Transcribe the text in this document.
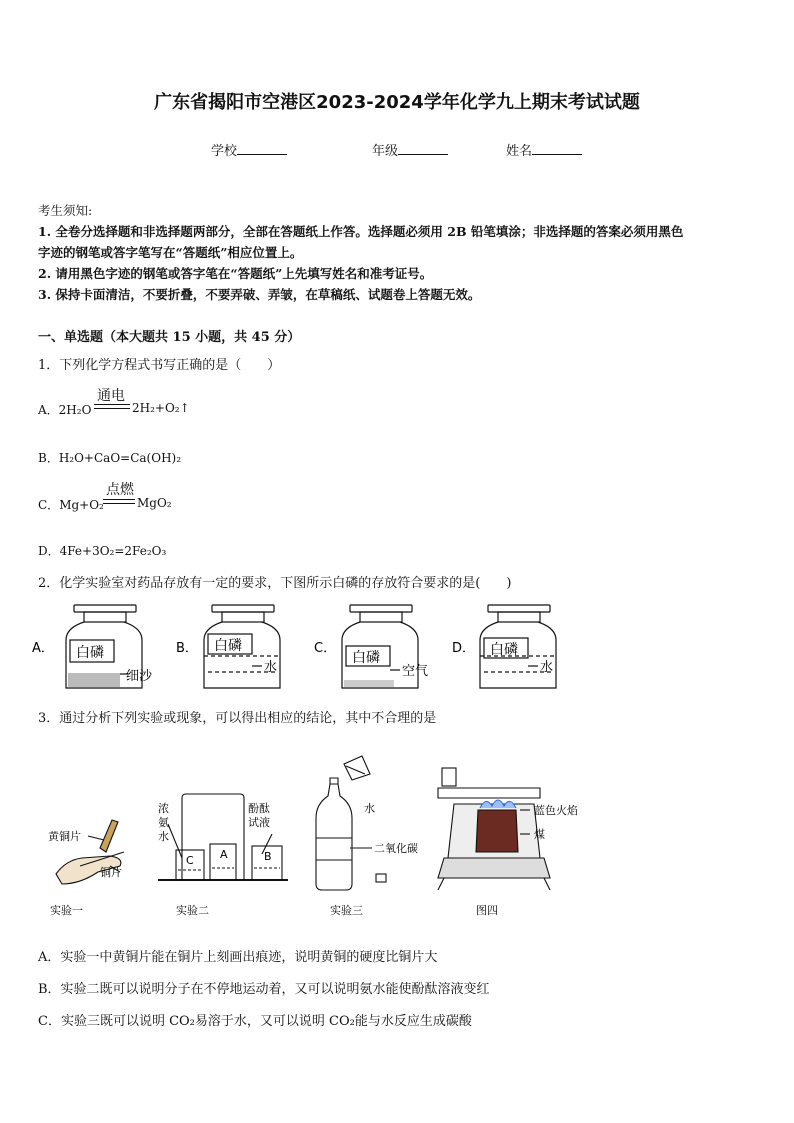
广东省揭阳市空港区2023-2024学年化学九上期末考试试题
学校	年级	姓名
考生须知:
1. 全卷分选择题和非选择题两部分，全部在答题纸上作答。选择题必须用 2B 铅笔填涂；非选择题的答案必须用黑色
字迹的钢笔或答字笔写在“答题纸”相应位置上。
2. 请用黑色字迹的钢笔或答字笔在“答题纸”上先填写姓名和准考证号。
3. 保持卡面清洁，不要折叠，不要弄破、弄皱，在草稿纸、试题卷上答题无效。
一、单选题（本大题共 15 小题，共 45 分）
1．下列化学方程式书写正确的是（　　）
A．2H₂O
通电
2H₂+O₂↑
B．H₂O+CaO=Ca(OH)₂
C．Mg+O₂
点燃
MgO₂
D．4Fe+3O₂=2Fe₂O₃
2．化学实验室对药品存放有一定的要求，下图所示白磷的存放符合要求的是(　　)
A．	B．	C．	D．
白磷	白磷
白磷	白磷
细沙
水	空气	水
3．通过分析下列实验或现象，可以得出相应的结论，其中不合理的是
黄铜片
铜片
实验一
浓
氨
水
酚酞
试液
C A	B
实验二
水
二氧化碳
实验三
蓝色火焰
煤
图四
A．实验一中黄铜片能在铜片上刻画出痕迹，说明黄铜的硬度比铜片大
B．实验二既可以说明分子在不停地运动着，又可以说明氨水能使酚酞溶液变红
C．实验三既可以说明 CO₂易溶于水，又可以说明 CO₂能与水反应生成碳酸
